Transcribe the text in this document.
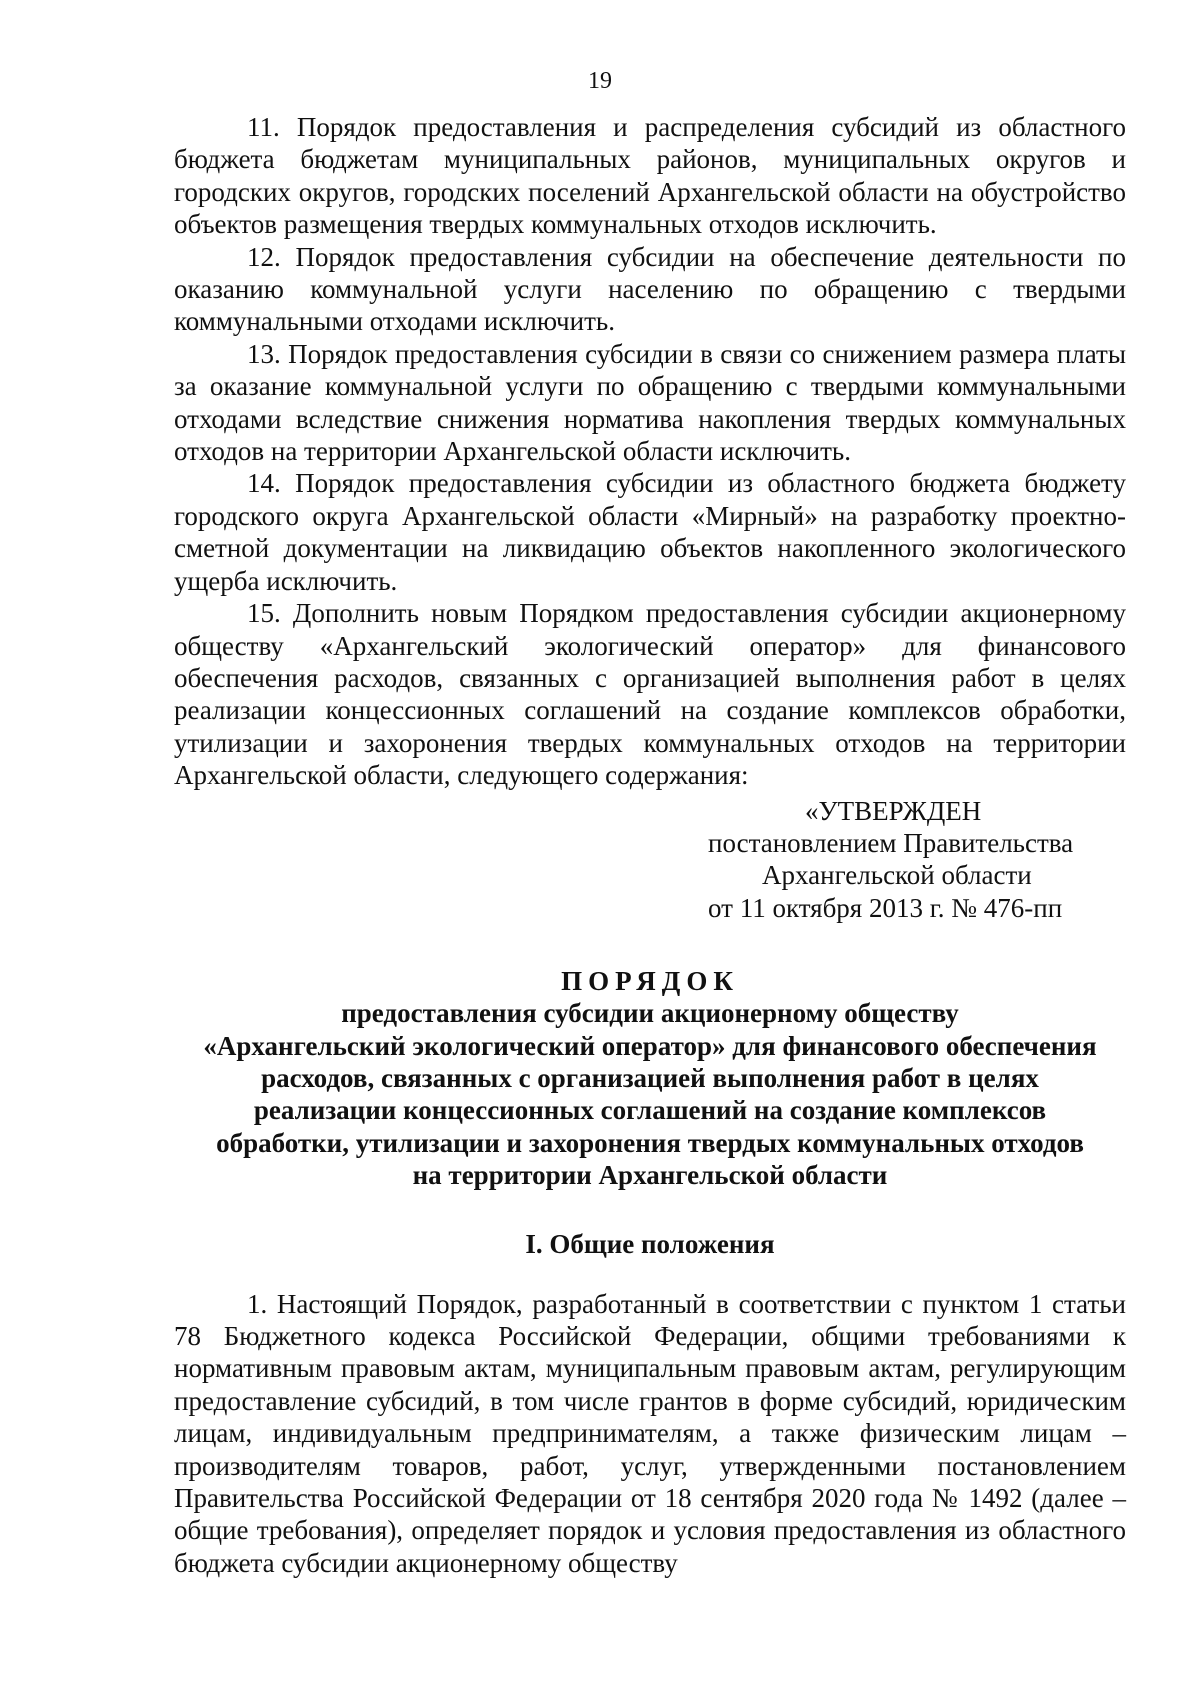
19

11. Порядок предоставления и распределения субсидий из областного бюджета бюджетам муниципальных районов, муниципальных округов и городских округов, городских поселений Архангельской области на обустройство объектов размещения твердых коммунальных отходов исключить.

12. Порядок предоставления субсидии на обеспечение деятельности по оказанию коммунальной услуги населению по обращению с твердыми коммунальными отходами исключить.

13. Порядок предоставления субсидии в связи со снижением размера платы за оказание коммунальной услуги по обращению с твердыми коммунальными отходами вследствие снижения норматива накопления твердых коммунальных отходов на территории Архангельской области исключить.

14. Порядок предоставления субсидии из областного бюджета бюджету городского округа Архангельской области «Мирный» на разработку проектно-сметной документации на ликвидацию объектов накопленного экологического ущерба исключить.

15. Дополнить новым Порядком предоставления субсидии акционерному обществу «Архангельский экологический оператор» для финансового обеспечения расходов, связанных с организацией выполнения работ в целях реализации концессионных соглашений на создание комплексов обработки, утилизации и захоронения твердых коммунальных отходов на территории Архангельской области, следующего содержания:

«УТВЕРЖДЕН
постановлением Правительства
Архангельской области
от 11 октября 2013 г. № 476-пп
ПОРЯДОК
предоставления субсидии акционерному обществу
«Архангельский экологический оператор» для финансового обеспечения
расходов, связанных с организацией выполнения работ в целях
реализации концессионных соглашений на создание комплексов
обработки, утилизации и захоронения твердых коммунальных отходов
на территории Архангельской области
I. Общие положения

1. Настоящий Порядок, разработанный в соответствии с пунктом 1 статьи 78 Бюджетного кодекса Российской Федерации, общими требованиями к нормативным правовым актам, муниципальным правовым актам, регулирующим предоставление субсидий, в том числе грантов в форме субсидий, юридическим лицам, индивидуальным предпринимателям, а также физическим лицам – производителям товаров, работ, услуг, утвержденными постановлением Правительства Российской Федерации от 18 сентября 2020 года № 1492 (далее – общие требования), определяет порядок и условия предоставления из областного бюджета субсидии акционерному обществу
